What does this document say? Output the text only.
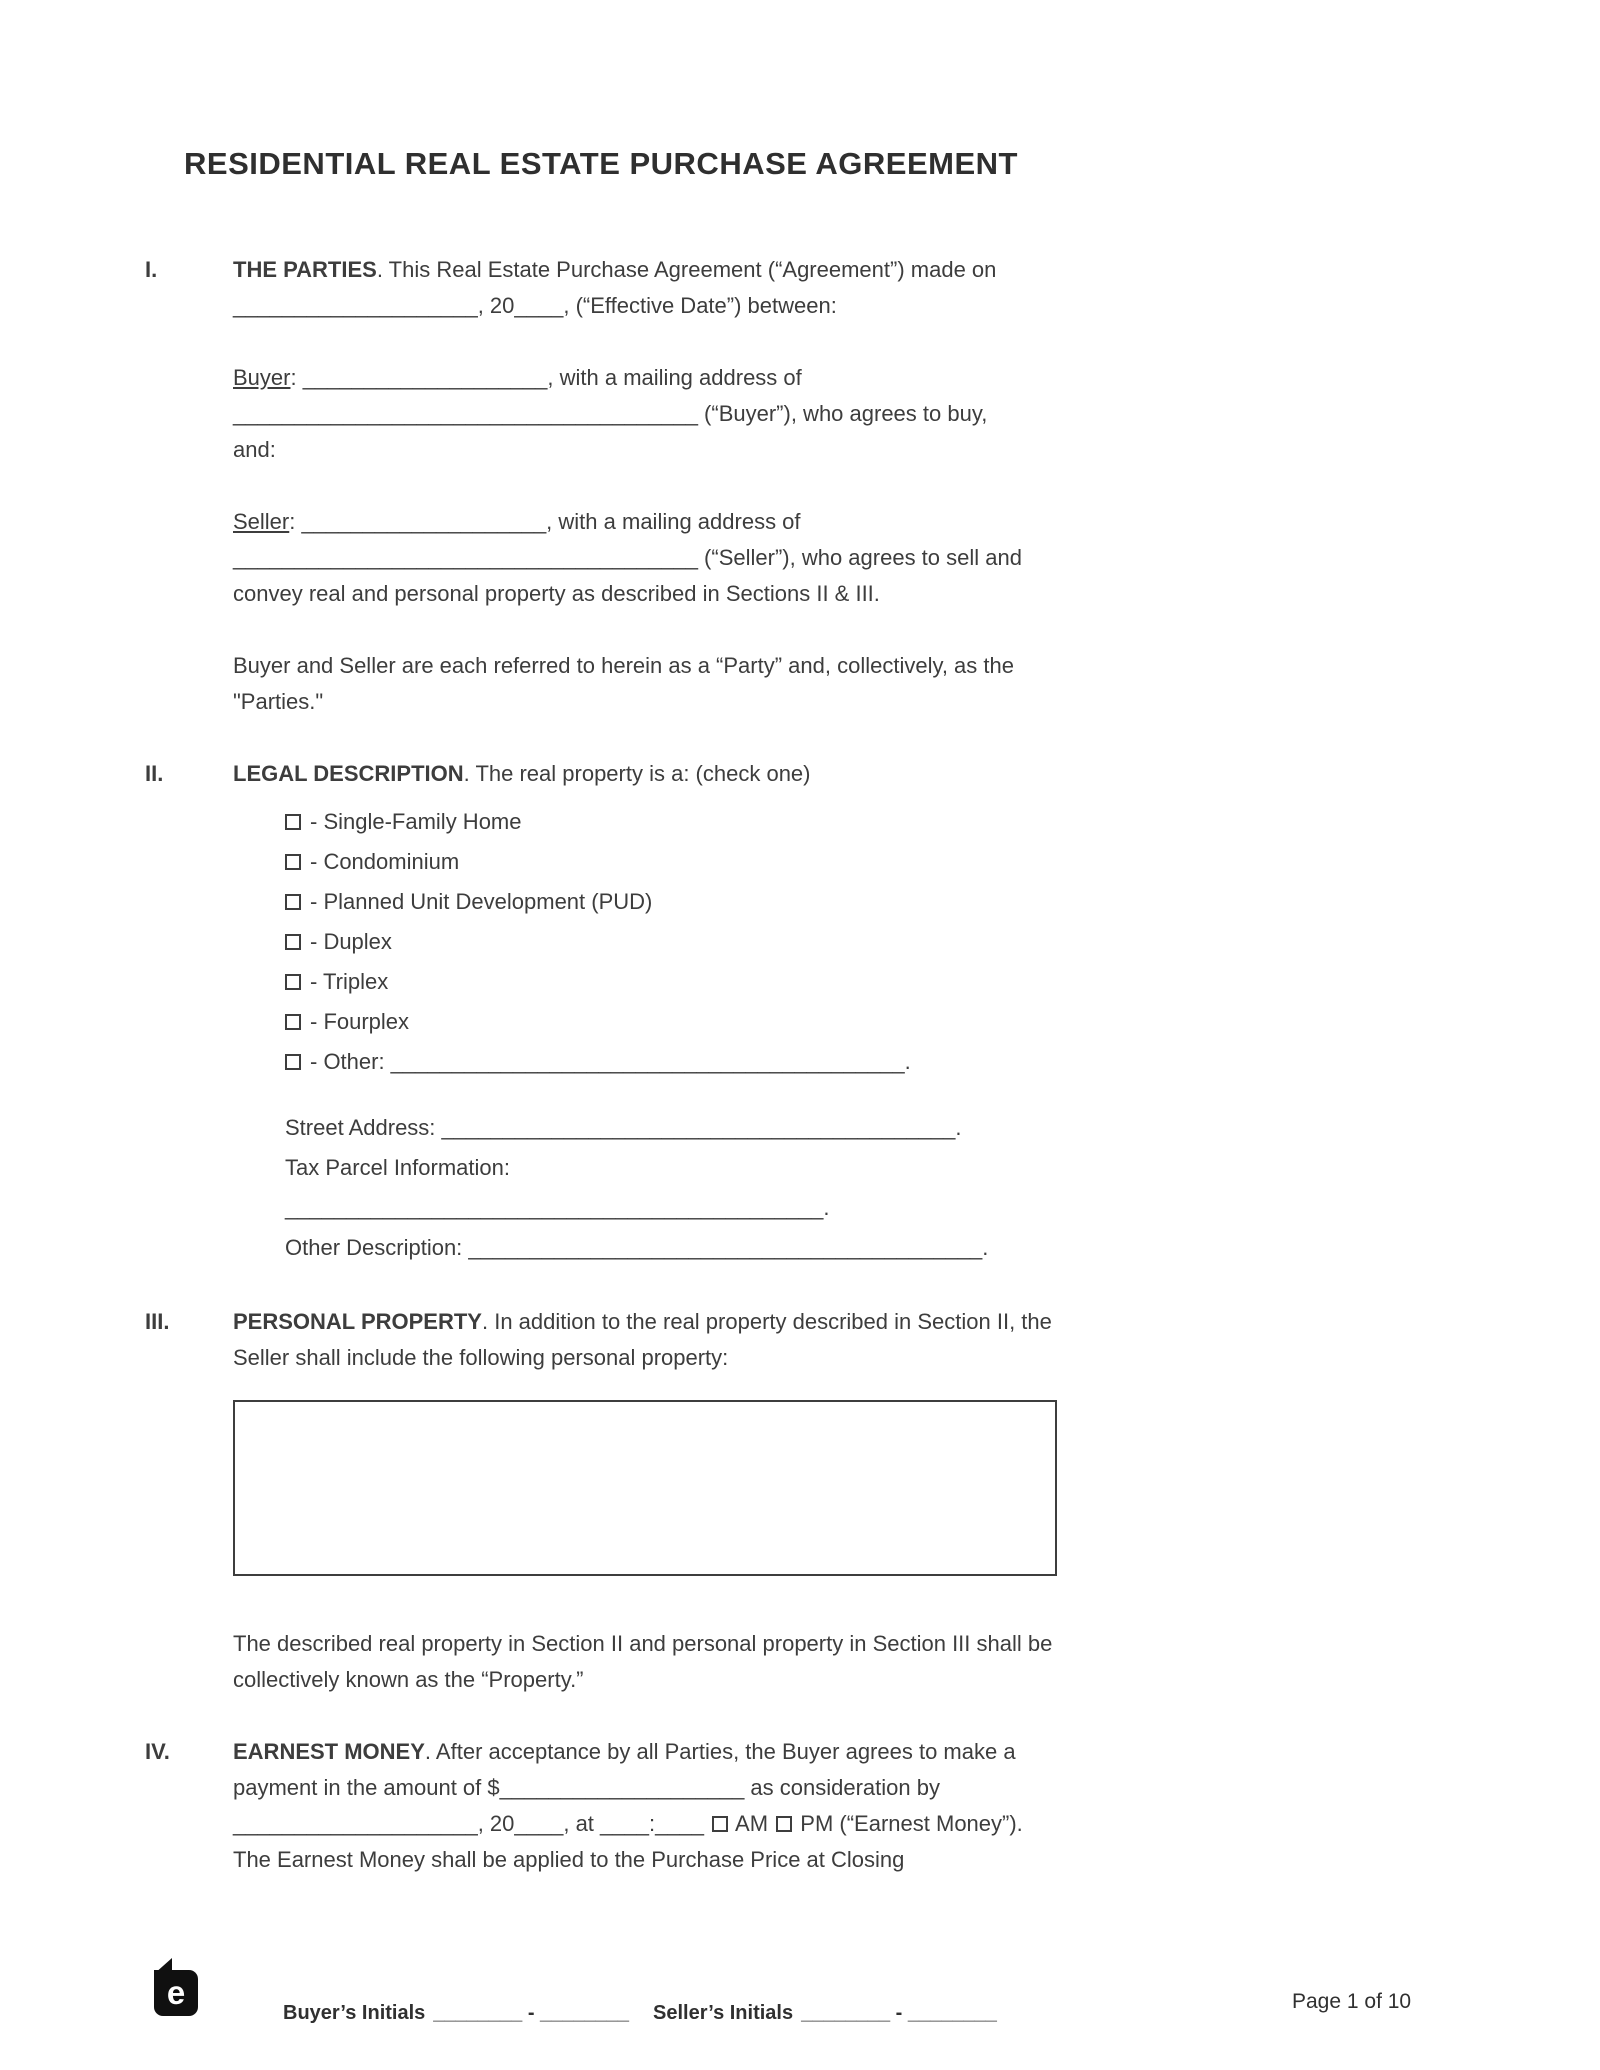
RESIDENTIAL REAL ESTATE PURCHASE AGREEMENT
I.	THE PARTIES. This Real Estate Purchase Agreement (“Agreement”) made on ____________________, 20____, (“Effective Date”) between:

Buyer: ____________________, with a mailing address of ______________________________________ (“Buyer”), who agrees to buy,
and:

Seller: ____________________, with a mailing address of ______________________________________ (“Seller”), who agrees to sell and convey real and personal property as described in Sections II & III.

Buyer and Seller are each referred to herein as a “Party” and, collectively, as the "Parties."

II.	LEGAL DESCRIPTION. The real property is a: (check one)

- Single-Family Home
- Condominium
- Planned Unit Development (PUD)
- Duplex
- Triplex
- Fourplex
- Other: __________________________________________.
Street Address: __________________________________________.
Tax Parcel Information: ____________________________________________.
Other Description: __________________________________________.
III.	PERSONAL PROPERTY. In addition to the real property described in Section II, the Seller shall include the following personal property:

The described real property in Section II and personal property in Section III shall be collectively known as the “Property.”

IV.	EARNEST MONEY. After acceptance by all Parties, the Buyer agrees to make a payment in the amount of $____________________ as consideration by ____________________, 20____, at ____:____  AM PM (“Earnest Money”). The Earnest Money shall be applied to the Purchase Price at Closing

e
Buyer’s Initials ________ - ________ Seller’s Initials ________ - ________	Page 1 of 10
